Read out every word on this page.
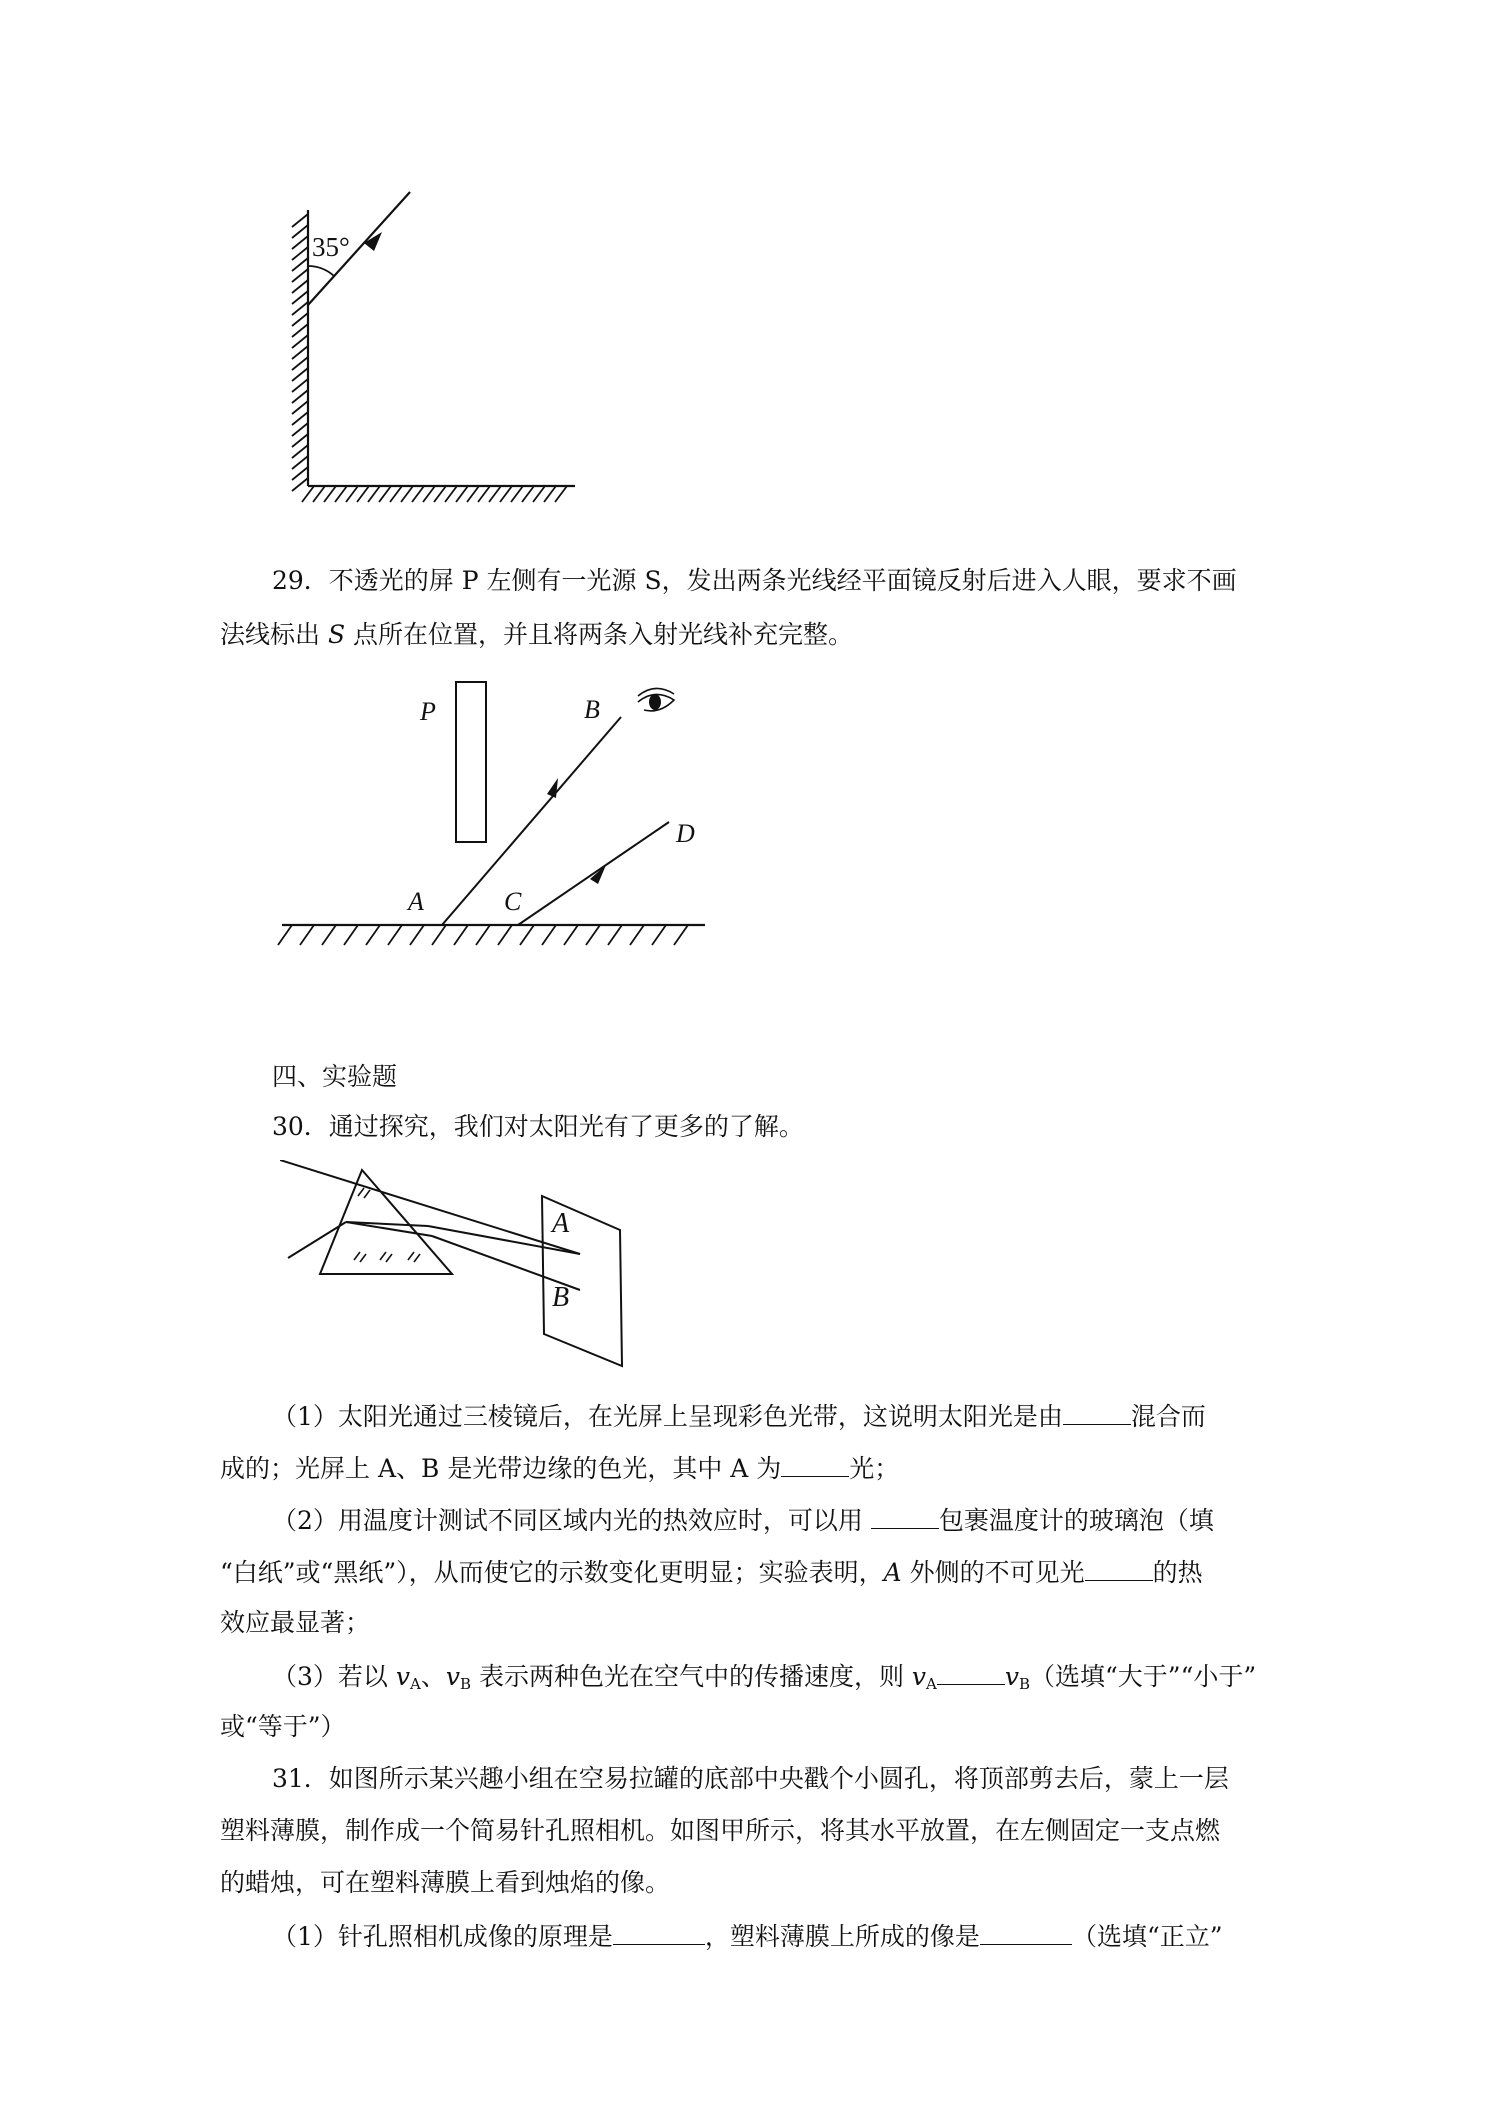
35°
29．不透光的屏 P 左侧有一光源 S，发出两条光线经平面镜反射后进入人眼，要求不画
法线标出 S 点所在位置，并且将两条入射光线补充完整。
P	B
A	C
D
四、实验题
30．通过探究，我们对太阳光有了更多的了解。
A
B
（1）太阳光通过三棱镜后，在光屏上呈现彩色光带，这说明太阳光是由	混合而
成的；光屏上 A、B 是光带边缘的色光，其中 A 为	光；
（2）用温度计测试不同区域内光的热效应时，可以用	包裹温度计的玻璃泡（填
“白纸”或“黑纸”），从而使它的示数变化更明显；实验表明，A 外侧的不可见光	的热
效应最显著；
（3）若以 $v_A$、$v_B$ 表示两种色光在空气中的传播速度，则 $v_A$	$v_B$（选填“大于”“小于”
或“等于”）
31．如图所示某兴趣小组在空易拉罐的底部中央戳个小圆孔，将顶部剪去后，蒙上一层
塑料薄膜，制作成一个简易针孔照相机。如图甲所示，将其水平放置，在左侧固定一支点燃
的蜡烛，可在塑料薄膜上看到烛焰的像。
（1）针孔照相机成像的原理是	，塑料薄膜上所成的像是	（选填“正立”
